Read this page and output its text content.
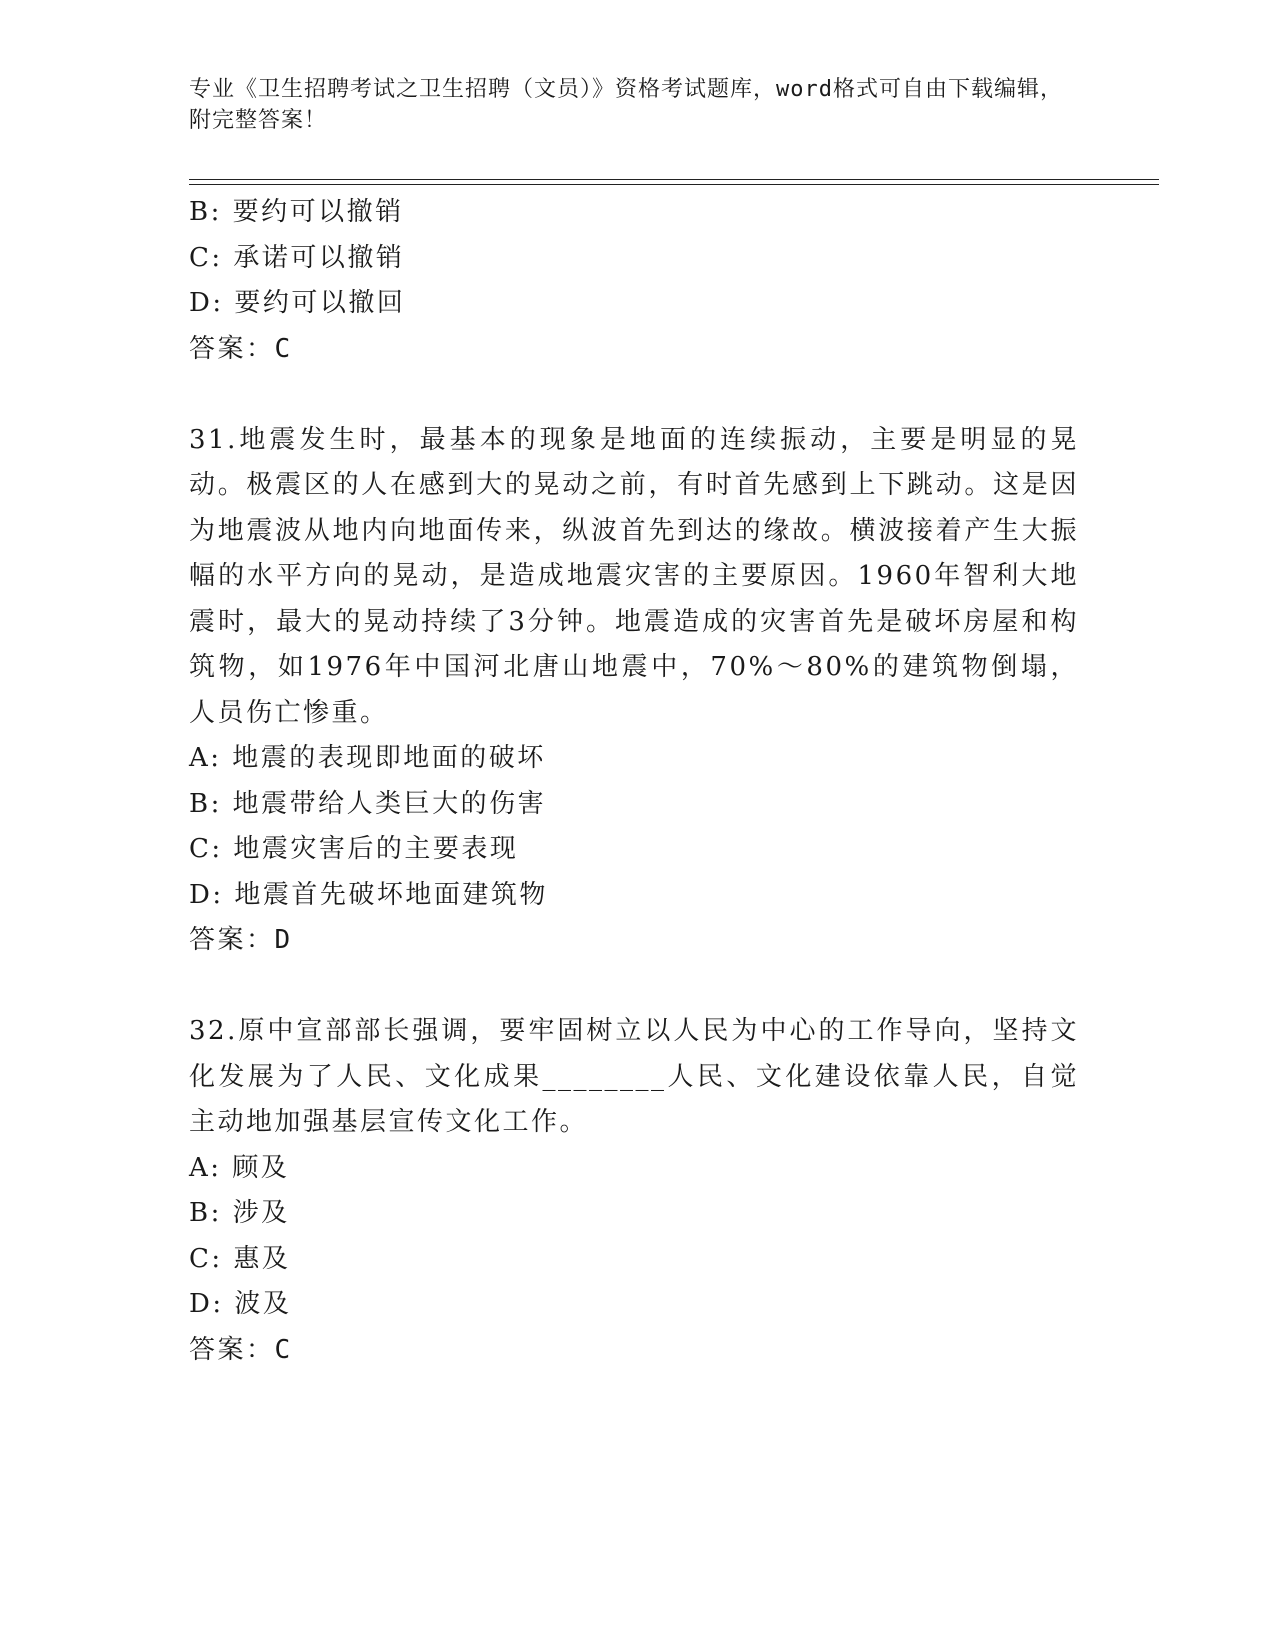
专业《卫生招聘考试之卫生招聘（文员）》资格考试题库，word格式可自由下载编辑，附完整答案！
B: 要约可以撤销
C: 承诺可以撤销
D: 要约可以撤回
答案：C
31.地震发生时，最基本的现象是地面的连续振动，主要是明显的晃动。极震区的人在感到大的晃动之前，有时首先感到上下跳动。这是因为地震波从地内向地面传来，纵波首先到达的缘故。横波接着产生大振幅的水平方向的晃动，是造成地震灾害的主要原因。1960年智利大地震时，最大的晃动持续了3分钟。地震造成的灾害首先是破坏房屋和构筑物，如1976年中国河北唐山地震中，70%～80%的建筑物倒塌，人员伤亡惨重。
A: 地震的表现即地面的破坏
B: 地震带给人类巨大的伤害
C: 地震灾害后的主要表现
D: 地震首先破坏地面建筑物
答案：D
32.原中宣部部长强调，要牢固树立以人民为中心的工作导向，坚持文化发展为了人民、文化成果________人民、文化建设依靠人民，自觉主动地加强基层宣传文化工作。
A: 顾及
B: 涉及
C: 惠及
D: 波及
答案：C
